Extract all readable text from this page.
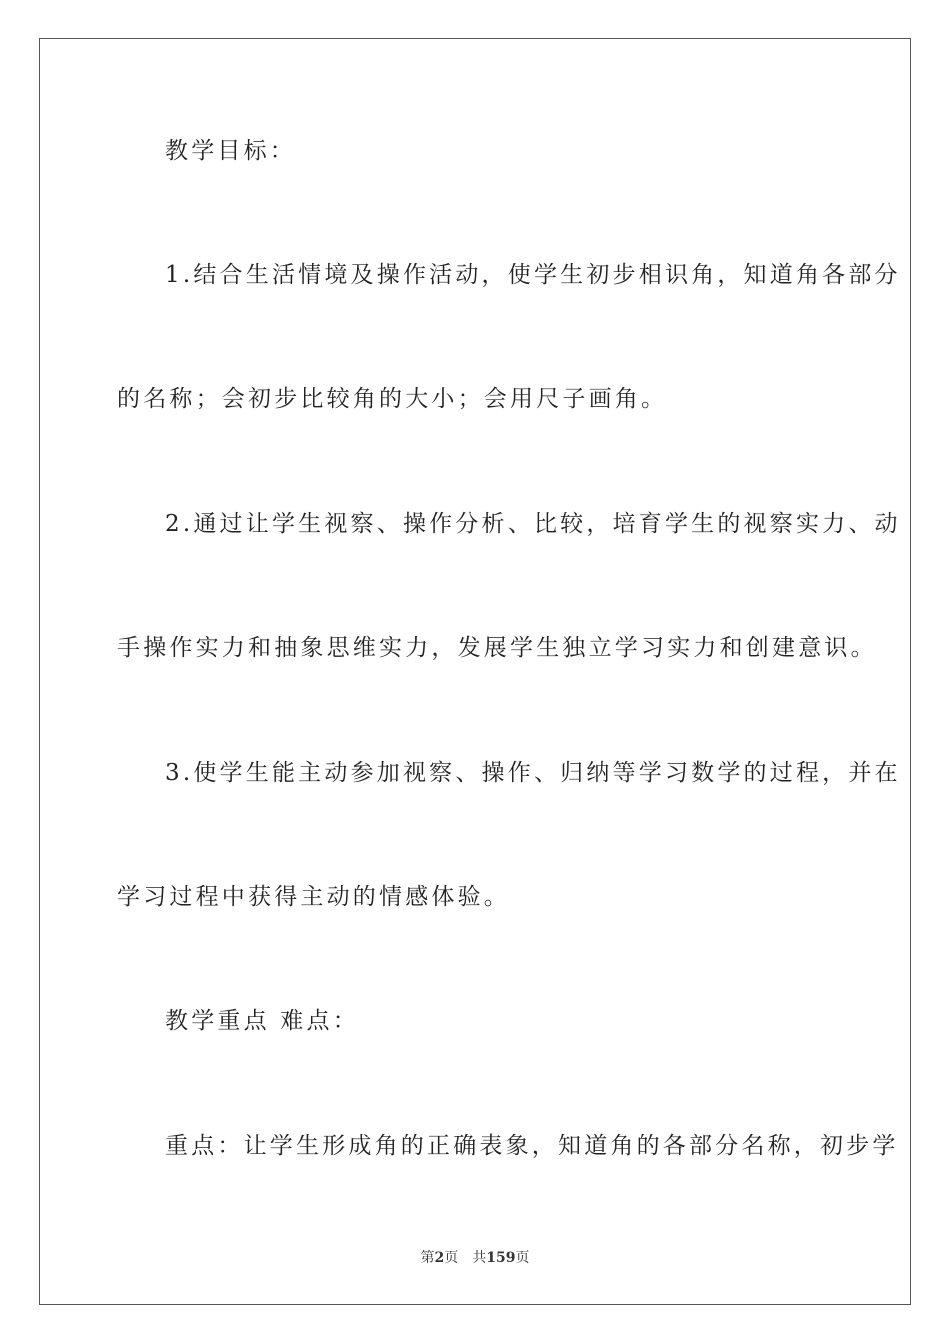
教学目标：
1.结合生活情境及操作活动，使学生初步相识角，知道角各部分
的名称；会初步比较角的大小；会用尺子画角。
2.通过让学生视察、操作分析、比较，培育学生的视察实力、动
手操作实力和抽象思维实力，发展学生独立学习实力和创建意识。
3.使学生能主动参加视察、操作、归纳等学习数学的过程，并在
学习过程中获得主动的情感体验。
教学重点 难点：
重点：让学生形成角的正确表象，知道角的各部分名称，初步学
第2页 共159页
